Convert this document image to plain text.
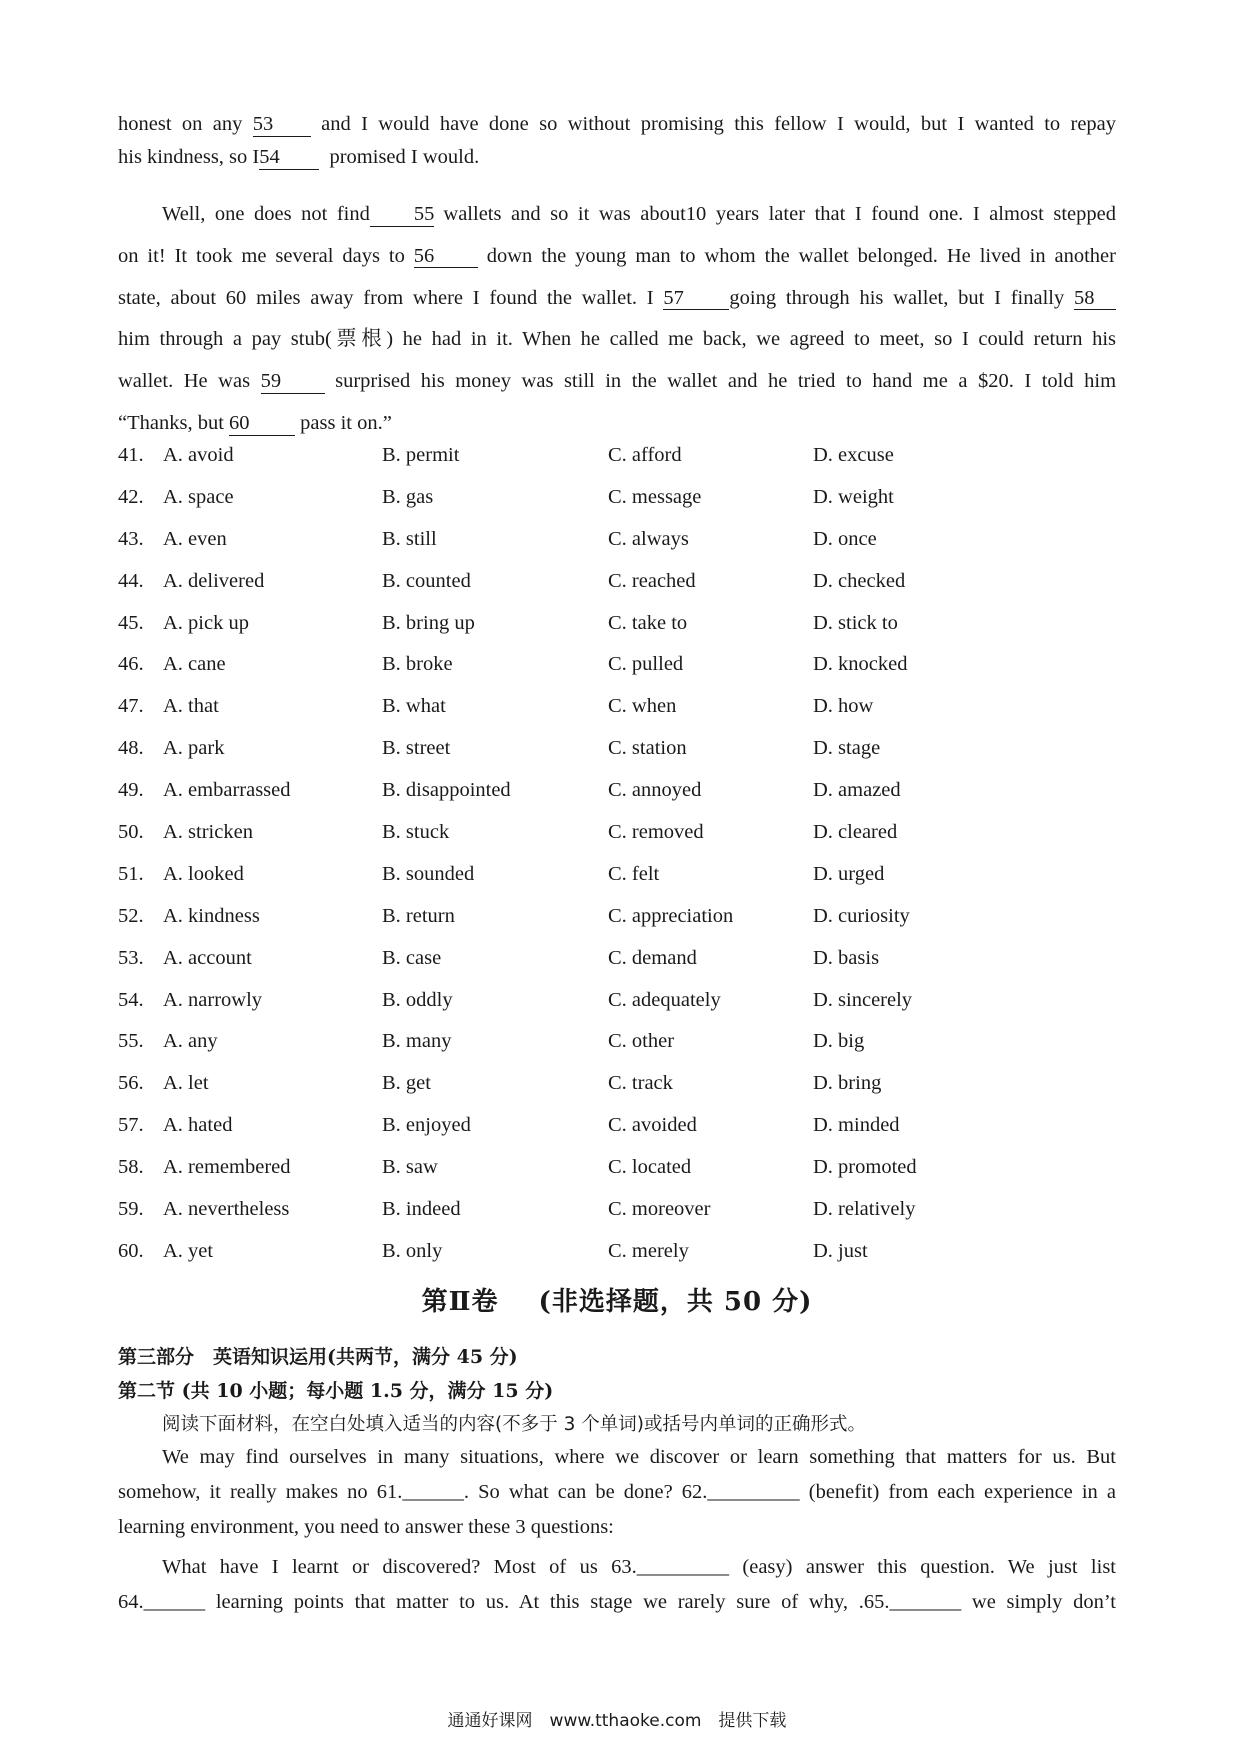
honest on any 53 and I would have done so without promising this fellow I would, but I wanted to repay
his kindness, so I54 promised I would.
Well, one does not find 55 wallets and so it was about10 years later that I found one. I almost stepped
on it! It took me several days to 56	down the young man to whom the wallet belonged. He lived in another
state, about 60 miles away from where I found the wallet. I 57 going through his wallet, but I finally 58
him through a pay stub(票根) he had in it. When he called me back, we agreed to meet, so I could return his
wallet. He was 59	surprised his money was still in the wallet and he tried to hand me a $20. I told him
“Thanks, but 60 pass it on.”
41. A. avoid	B. permit	C. afford	D. excuse
42. A. space	B. gas	C. message	D. weight
43. A. even	B. still	C. always	D. once
44. A. delivered	B. counted	C. reached	D. checked
45. A. pick up	B. bring up	C. take to	D. stick to
46. A. cane	B. broke	C. pulled	D. knocked
47. A. that	B. what	C. when	D. how
48. A. park	B. street	C. station	D. stage
49. A. embarrassed	B. disappointed	C. annoyed	D. amazed
50. A. stricken	B. stuck	C. removed	D. cleared
51. A. looked	B. sounded	C. felt	D. urged
52. A. kindness	B. return	C. appreciation	D. curiosity
53. A. account	B. case	C. demand	D. basis
54. A. narrowly	B. oddly	C. adequately	D. sincerely
55. A. any	B. many	C. other	D. big
56. A. let	B. get	C. track	D. bring
57. A. hated	B. enjoyed	C. avoided	D. minded
58. A. remembered	B. saw	C. located	D. promoted
59. A. nevertheless	B. indeed	C. moreover	D. relatively
60. A. yet	B. only	C. merely	D. just
第Ⅱ卷 (非选择题，共 50 分)
第三部分　英语知识运用(共两节，满分 45 分)
第二节 (共 10 小题；每小题 1.5 分，满分 15 分)
阅读下面材料，在空白处填入适当的内容(不多于 3 个单词)或括号内单词的正确形式。
We may find ourselves in many situations, where we discover or learn something that matters for us. But
somehow, it really makes no 61.______. So what can be done? 62._________ (benefit) from each experience in a
learning environment, you need to answer these 3 questions:
What have I learnt or discovered? Most of us 63._________ (easy) answer this question. We just list
64.______ learning points that matter to us. At this stage we rarely sure of why, .65._______ we simply don’t
通通好课网　www.tthaoke.com　提供下载
